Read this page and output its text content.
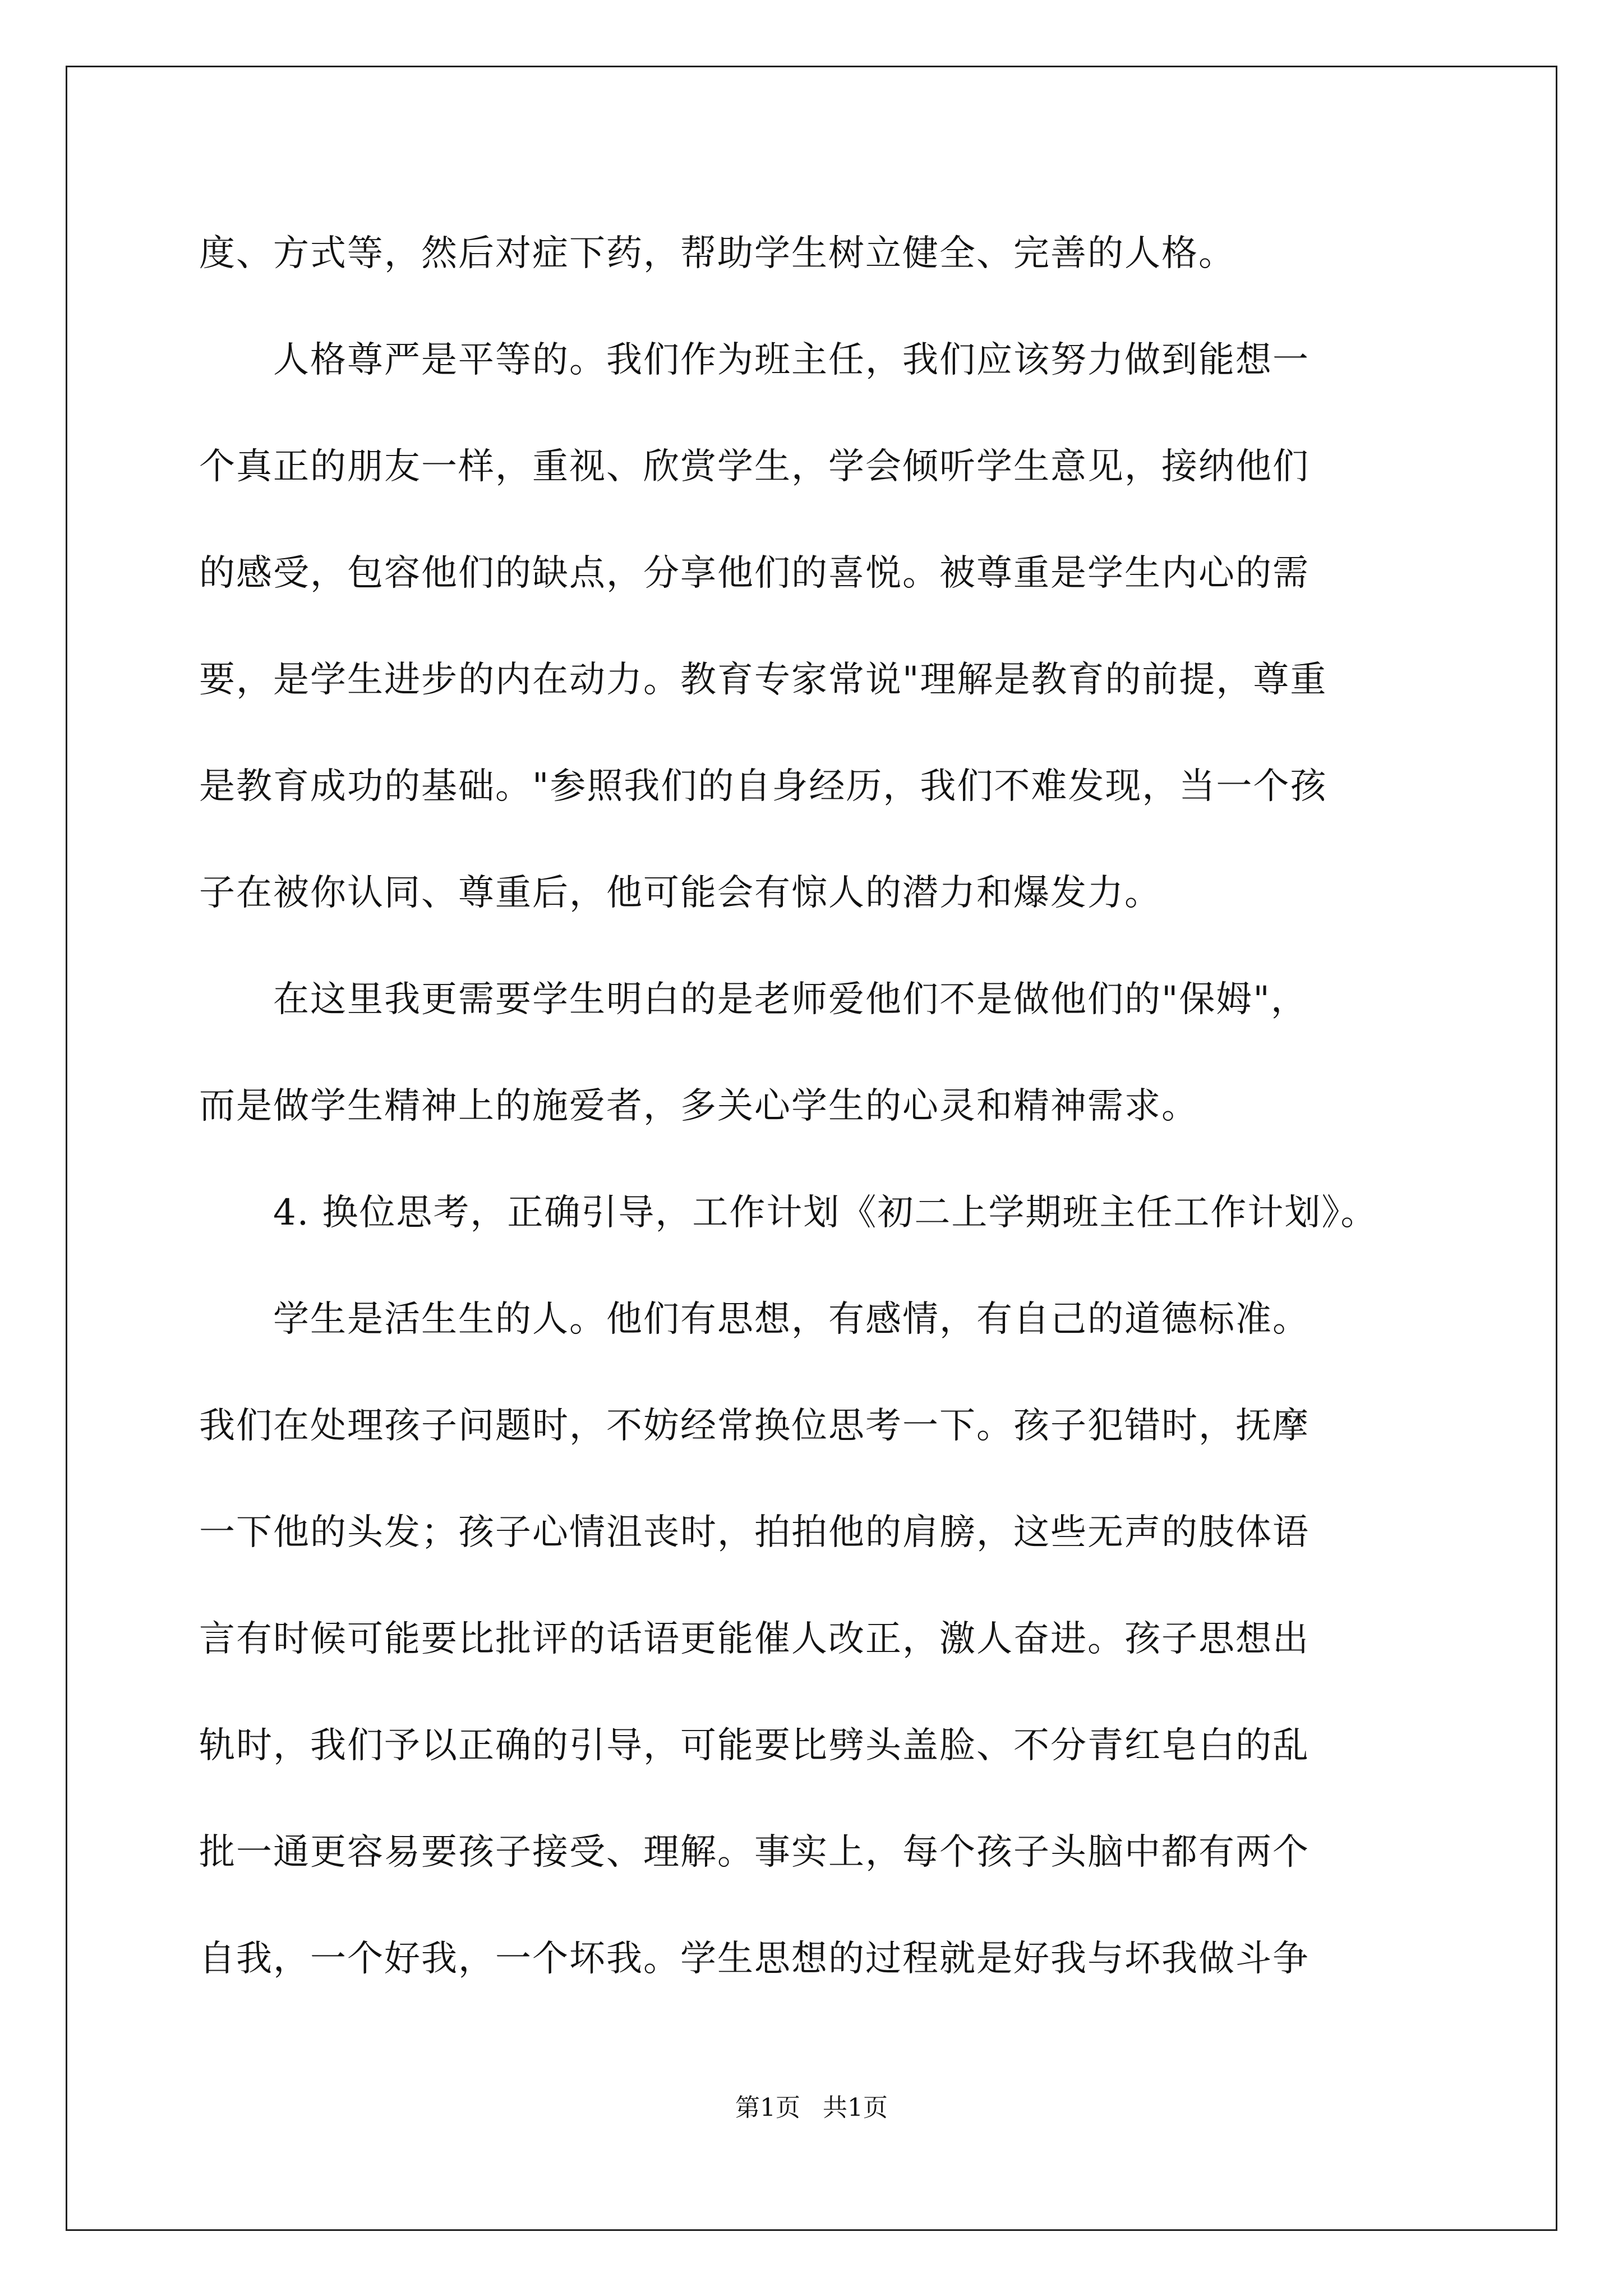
度、方式等，然后对症下药，帮助学生树立健全、完善的人格。
　　人格尊严是平等的。我们作为班主任，我们应该努力做到能想一
个真正的朋友一样，重视、欣赏学生，学会倾听学生意见，接纳他们
的感受，包容他们的缺点，分享他们的喜悦。被尊重是学生内心的需
要，是学生进步的内在动力。教育专家常说"理解是教育的前提，尊重
是教育成功的基础。"参照我们的自身经历，我们不难发现，当一个孩
子在被你认同、尊重后，他可能会有惊人的潜力和爆发力。
　　在这里我更需要学生明白的是老师爱他们不是做他们的"保姆"，
而是做学生精神上的施爱者，多关心学生的心灵和精神需求。
　　4. 换位思考，正确引导，工作计划《初二上学期班主任工作计划》。
　　学生是活生生的人。他们有思想，有感情，有自己的道德标准。
我们在处理孩子问题时，不妨经常换位思考一下。孩子犯错时，抚摩
一下他的头发；孩子心情沮丧时，拍拍他的肩膀，这些无声的肢体语
言有时候可能要比批评的话语更能催人改正，激人奋进。孩子思想出
轨时，我们予以正确的引导，可能要比劈头盖脸、不分青红皂白的乱
批一通更容易要孩子接受、理解。事实上，每个孩子头脑中都有两个
自我，一个好我，一个坏我。学生思想的过程就是好我与坏我做斗争
第1页 共1页
